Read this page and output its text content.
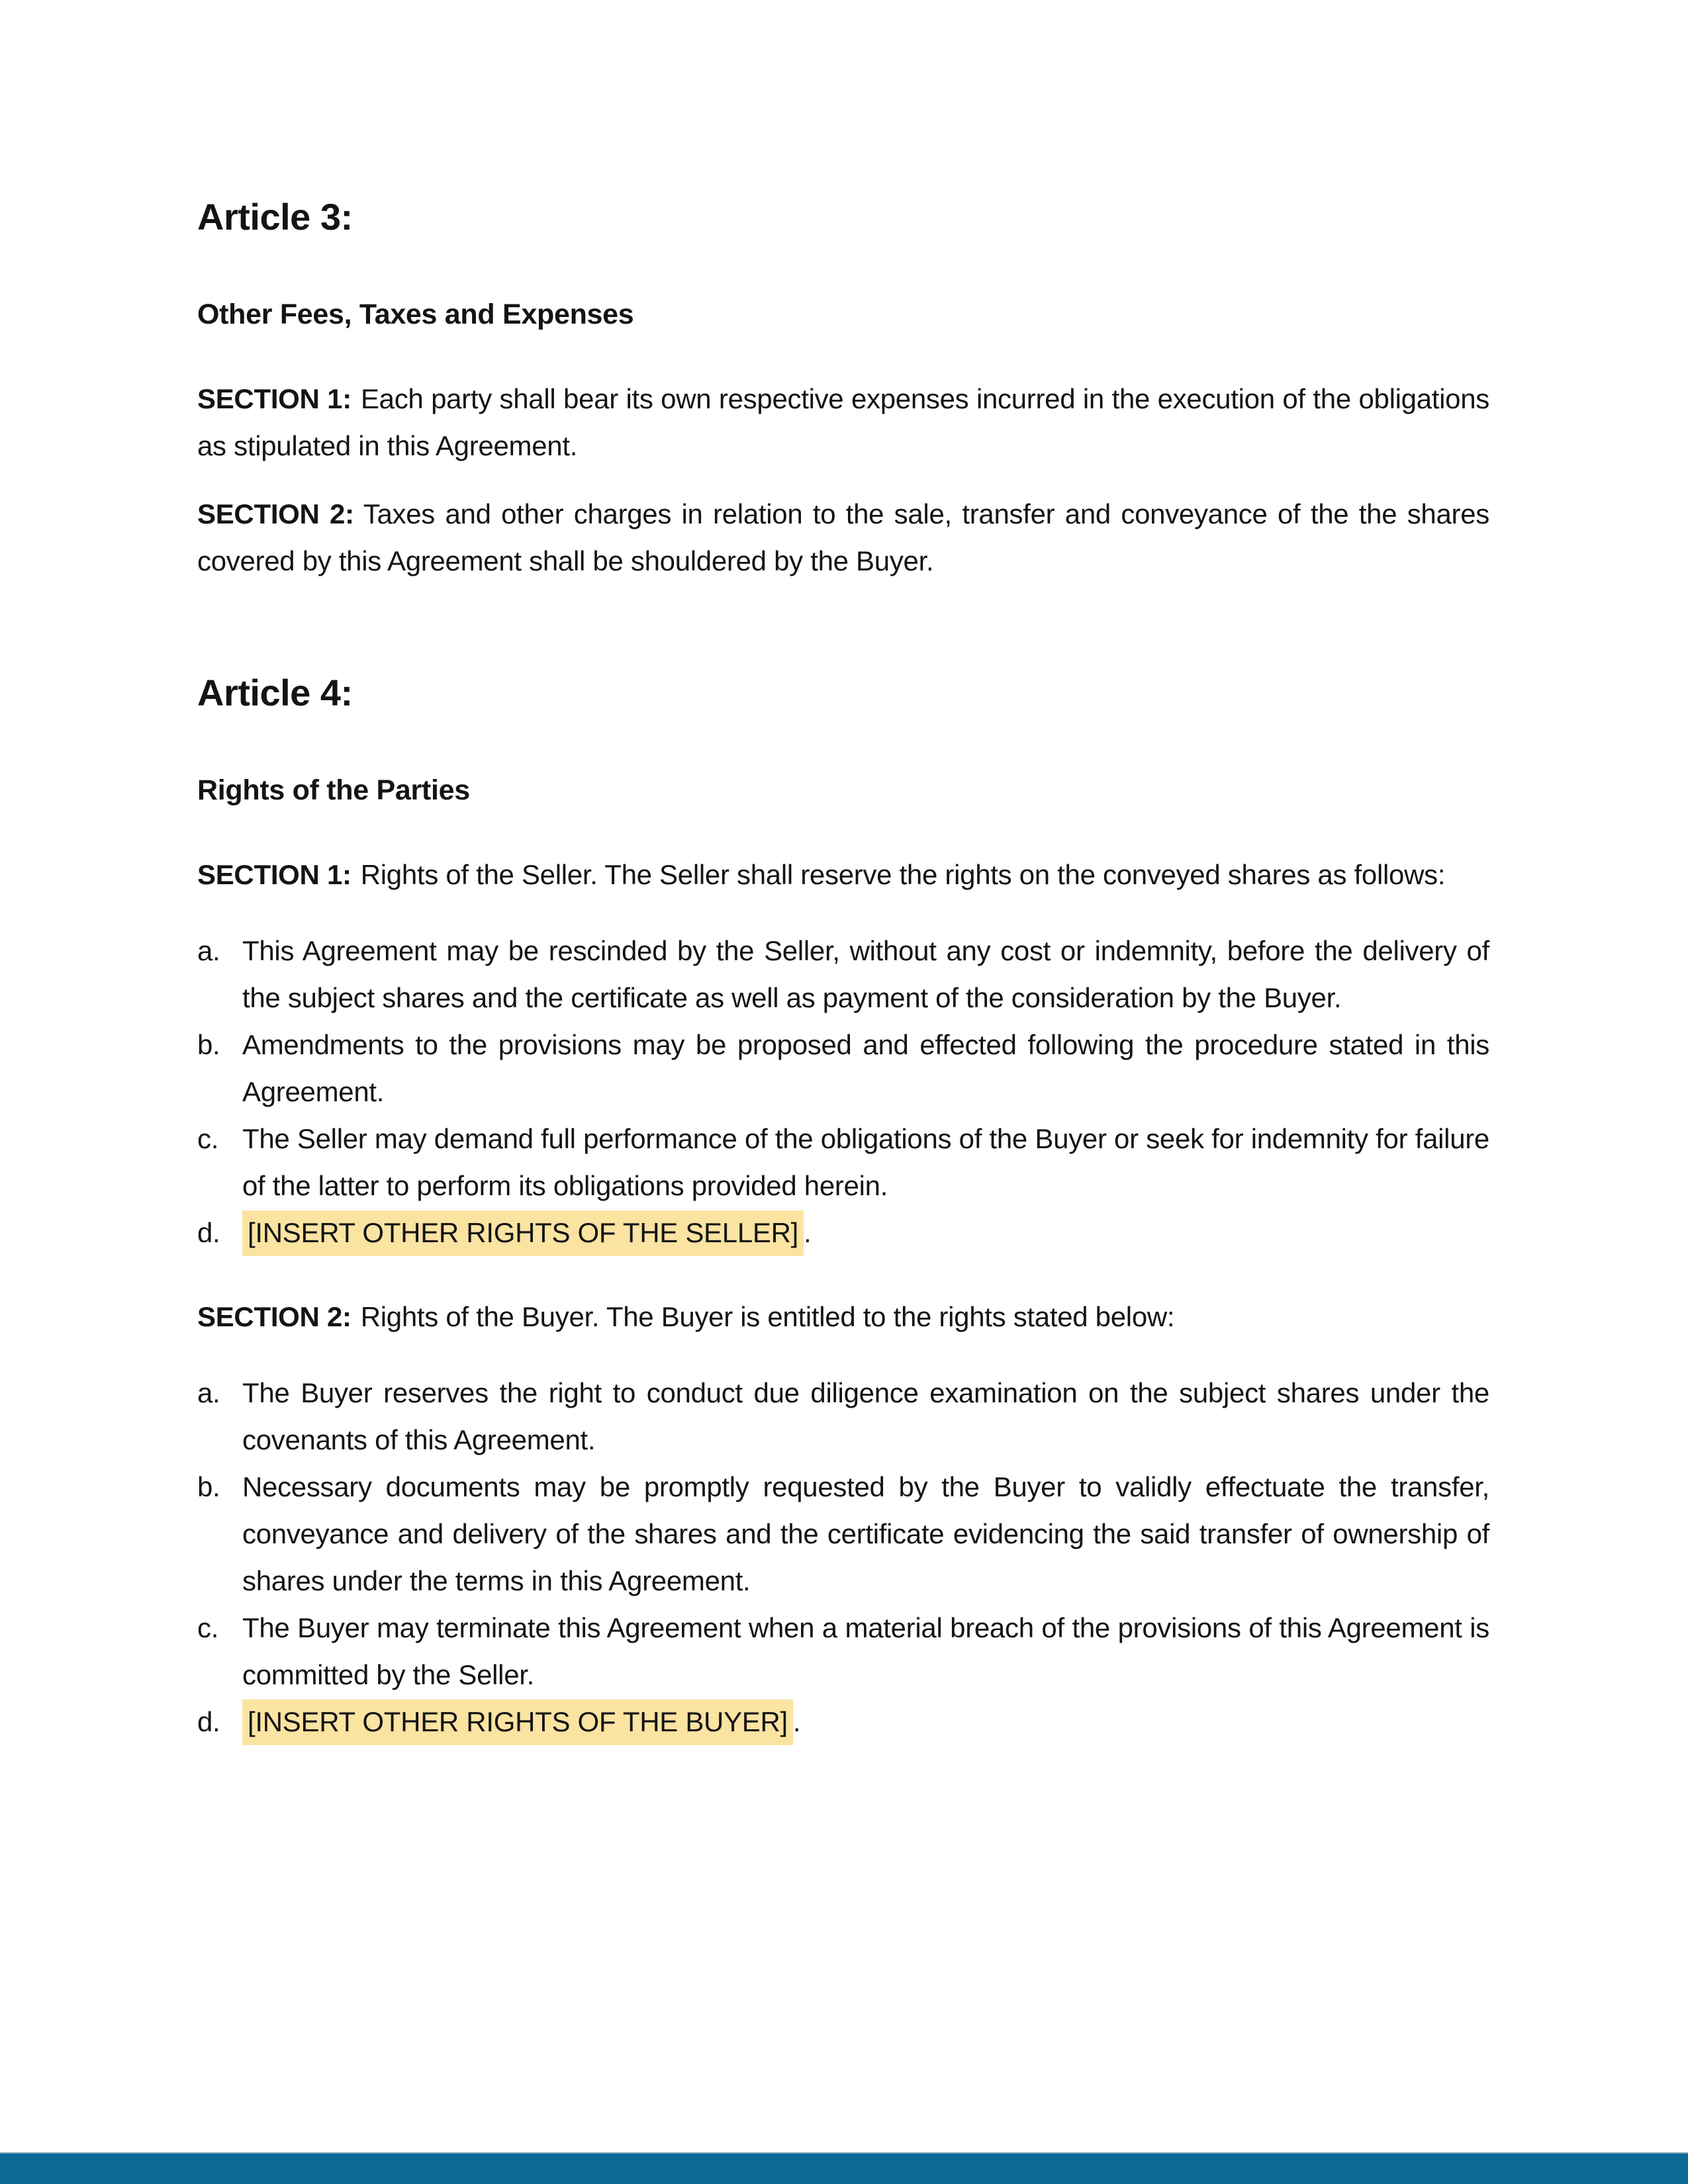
Article 3:
Other Fees, Taxes and Expenses

SECTION 1: Each party shall bear its own respective expenses incurred in the execution of the obligations as stipulated in this Agreement.

SECTION 2: Taxes and other charges in relation to the sale, transfer and conveyance of the the shares covered by this Agreement shall be shouldered by the Buyer.

Article 4:
Rights of the Parties

SECTION 1: Rights of the Seller. The Seller shall reserve the rights on the conveyed shares as follows:

a. This Agreement may be rescinded by the Seller, without any cost or indemnity, before the delivery of the subject shares and the certificate as well as payment of the consideration by the Buyer.
b. Amendments to the provisions may be proposed and effected following the procedure stated in this Agreement.
c. The Seller may demand full performance of the obligations of the Buyer or seek for indemnity for failure of the latter to perform its obligations provided herein.
d. [INSERT OTHER RIGHTS OF THE SELLER] .

SECTION 2: Rights of the Buyer. The Buyer is entitled to the rights stated below:

a. The Buyer reserves the right to conduct due diligence examination on the subject shares under the covenants of this Agreement.
b. Necessary documents may be promptly requested by the Buyer to validly effectuate the transfer, conveyance and delivery of the shares and the certificate evidencing the said transfer of ownership of shares under the terms in this Agreement.
c. The Buyer may terminate this Agreement when a material breach of the provisions of this Agreement is committed by the Seller.
d. [INSERT OTHER RIGHTS OF THE BUYER] .
